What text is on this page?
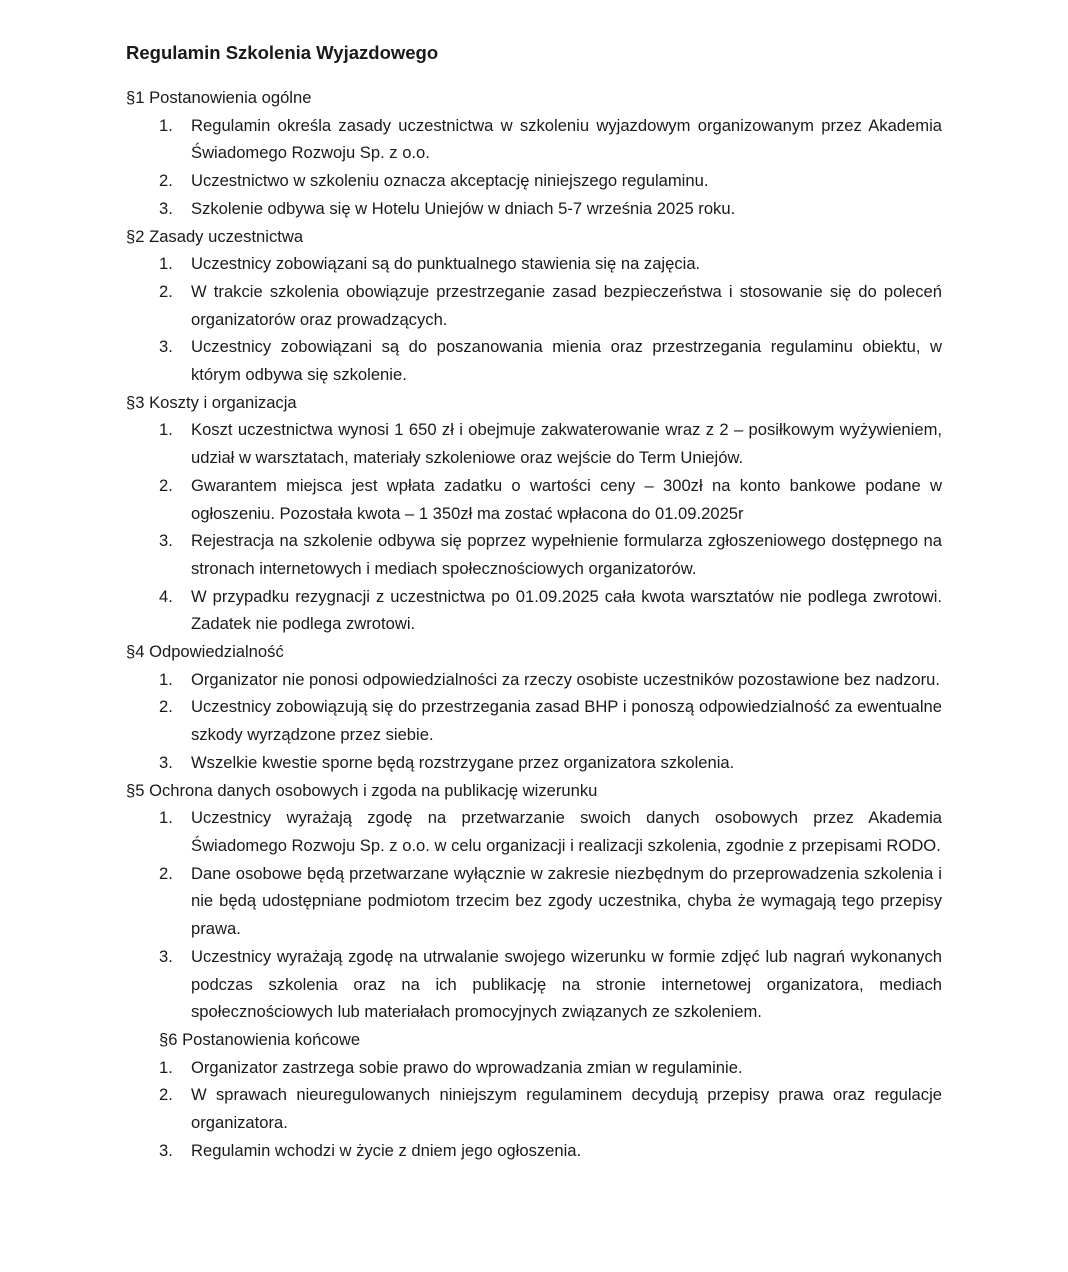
Regulamin Szkolenia Wyjazdowego

§1 Postanowienia ogólne

1.	Regulamin określa zasady uczestnictwa w szkoleniu wyjazdowym organizowanym przez Akademia Świadomego Rozwoju Sp. z o.o.
2.	Uczestnictwo w szkoleniu oznacza akceptację niniejszego regulaminu.
3.	Szkolenie odbywa się w Hotelu Uniejów w dniach 5-7 września 2025 roku.

§2 Zasady uczestnictwa

1.	Uczestnicy zobowiązani są do punktualnego stawienia się na zajęcia.
2.	W trakcie szkolenia obowiązuje przestrzeganie zasad bezpieczeństwa i stosowanie się do poleceń organizatorów oraz prowadzących.
3.	Uczestnicy zobowiązani są do poszanowania mienia oraz przestrzegania regulaminu obiektu, w którym odbywa się szkolenie.

§3 Koszty i organizacja

1.	Koszt uczestnictwa wynosi 1 650 zł i obejmuje zakwaterowanie wraz z 2 – posiłkowym wyżywieniem, udział w warsztatach, materiały szkoleniowe oraz wejście do Term Uniejów.
2.	Gwarantem miejsca jest wpłata zadatku o wartości ceny – 300zł na konto bankowe podane w ogłoszeniu. Pozostała kwota – 1 350zł ma zostać wpłacona do 01.09.2025r
3.	Rejestracja na szkolenie odbywa się poprzez wypełnienie formularza zgłoszeniowego dostępnego na stronach internetowych i mediach społecznościowych organizatorów.
4.	W przypadku rezygnacji z uczestnictwa po 01.09.2025 cała kwota warsztatów nie podlega zwrotowi. Zadatek nie podlega zwrotowi.

§4 Odpowiedzialność

1.	Organizator nie ponosi odpowiedzialności za rzeczy osobiste uczestników pozostawione bez nadzoru.
2.	Uczestnicy zobowiązują się do przestrzegania zasad BHP i ponoszą odpowiedzialność za ewentualne szkody wyrządzone przez siebie.
3.	Wszelkie kwestie sporne będą rozstrzygane przez organizatora szkolenia.

§5 Ochrona danych osobowych i zgoda na publikację wizerunku

1.	Uczestnicy wyrażają zgodę na przetwarzanie swoich danych osobowych przez Akademia Świadomego Rozwoju Sp. z o.o. w celu organizacji i realizacji szkolenia, zgodnie z przepisami RODO.
2.	Dane osobowe będą przetwarzane wyłącznie w zakresie niezbędnym do przeprowadzenia szkolenia i nie będą udostępniane podmiotom trzecim bez zgody uczestnika, chyba że wymagają tego przepisy prawa.
3.	Uczestnicy wyrażają zgodę na utrwalanie swojego wizerunku w formie zdjęć lub nagrań wykonanych podczas szkolenia oraz na ich publikację na stronie internetowej organizatora, mediach społecznościowych lub materiałach promocyjnych związanych ze szkoleniem.

§6 Postanowienia końcowe

1.	Organizator zastrzega sobie prawo do wprowadzania zmian w regulaminie.
2.	W sprawach nieuregulowanych niniejszym regulaminem decydują przepisy prawa oraz regulacje organizatora.
3.	Regulamin wchodzi w życie z dniem jego ogłoszenia.
